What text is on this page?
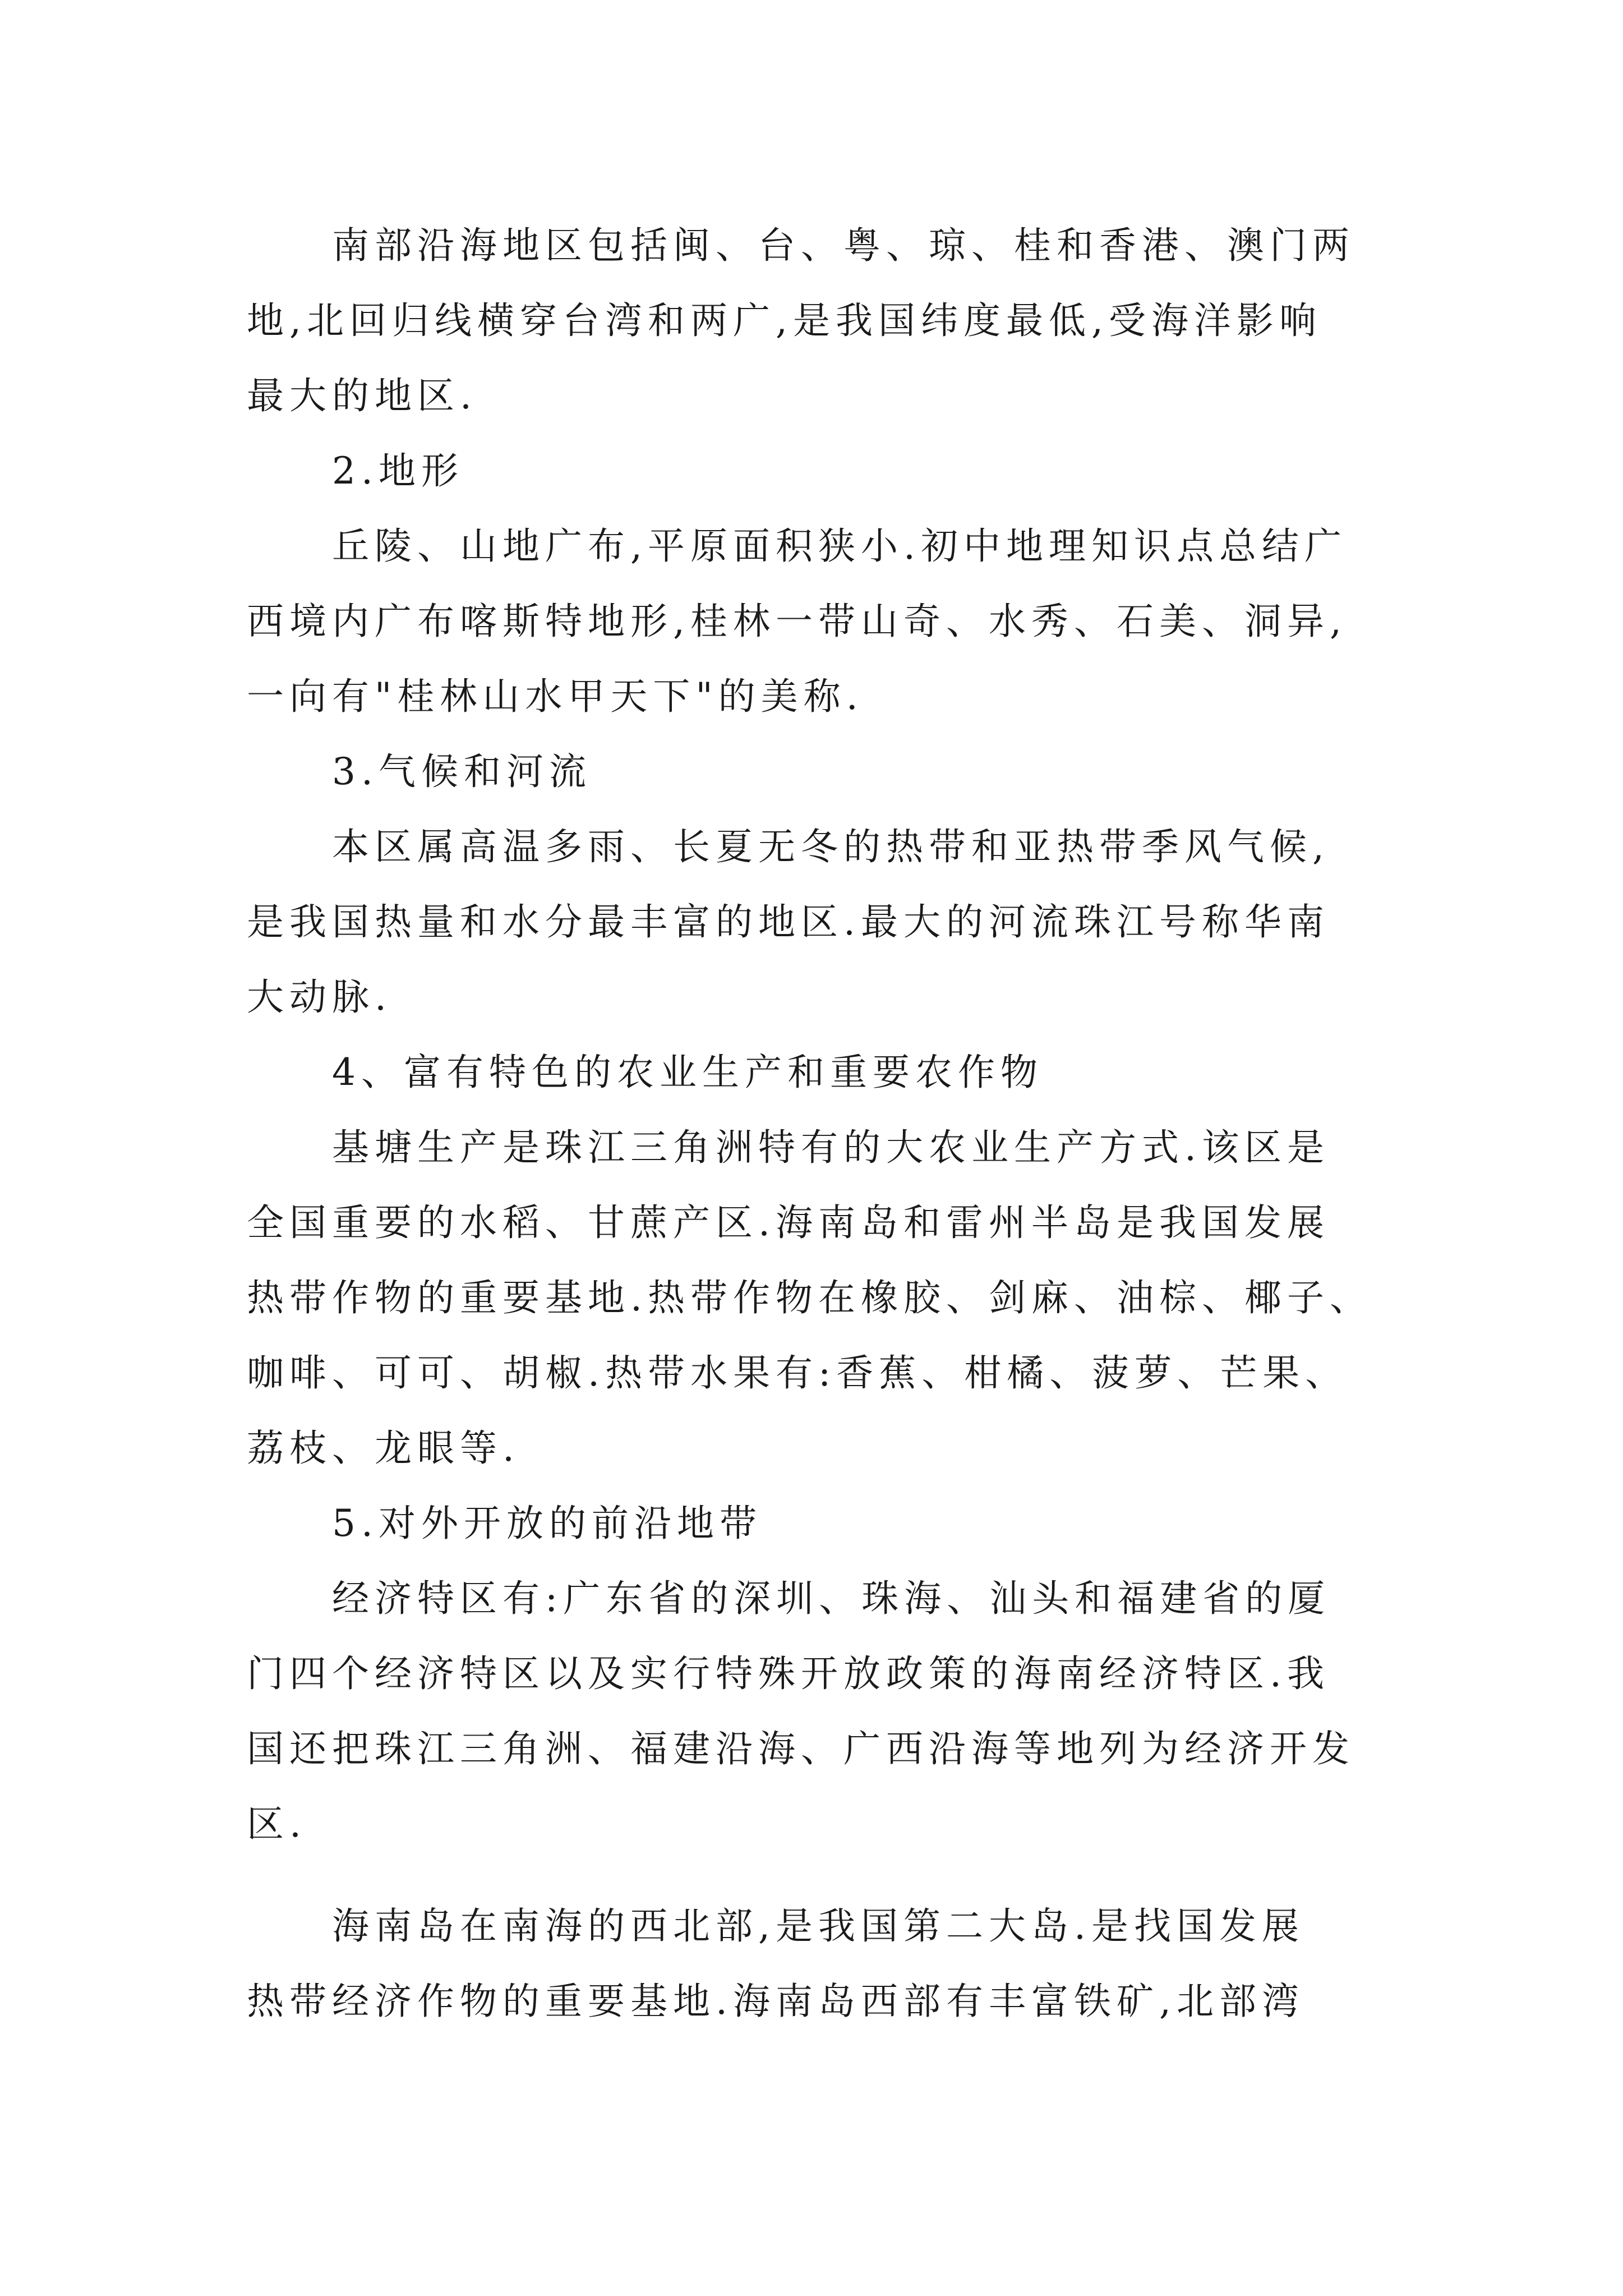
南部沿海地区包括闽、台、粤、琼、桂和香港、澳门两
地,北回归线横穿台湾和两广,是我国纬度最低,受海洋影响
最大的地区.
2.地形
丘陵、山地广布,平原面积狭小.初中地理知识点总结广
西境内广布喀斯特地形,桂林一带山奇、水秀、石美、洞异,
一向有"桂林山水甲天下"的美称.
3.气候和河流
本区属高温多雨、长夏无冬的热带和亚热带季风气候,
是我国热量和水分最丰富的地区.最大的河流珠江号称华南
大动脉.
4、富有特色的农业生产和重要农作物
基塘生产是珠江三角洲特有的大农业生产方式.该区是
全国重要的水稻、甘蔗产区.海南岛和雷州半岛是我国发展
热带作物的重要基地.热带作物在橡胶、剑麻、油棕、椰子、
咖啡、可可、胡椒.热带水果有:香蕉、柑橘、菠萝、芒果、
荔枝、龙眼等.
5.对外开放的前沿地带
经济特区有:广东省的深圳、珠海、汕头和福建省的厦
门四个经济特区以及实行特殊开放政策的海南经济特区.我
国还把珠江三角洲、福建沿海、广西沿海等地列为经济开发
区.
海南岛在南海的西北部,是我国第二大岛.是找国发展
热带经济作物的重要基地.海南岛西部有丰富铁矿,北部湾
